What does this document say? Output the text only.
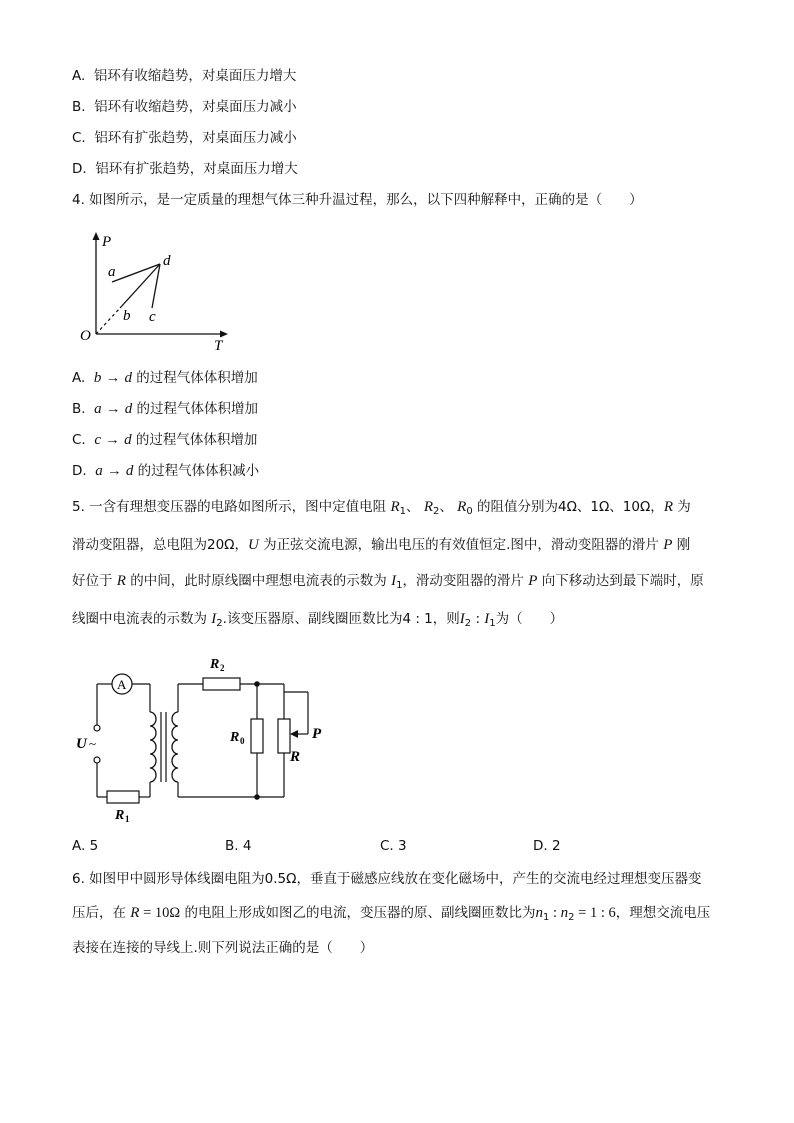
A. 铝环有收缩趋势，对桌面压力增大
B. 铝环有收缩趋势，对桌面压力减小
C. 铝环有扩张趋势，对桌面压力减小
D. 铝环有扩张趋势，对桌面压力增大
4. 如图所示，是一定质量的理想气体三种升温过程，那么，以下四种解释中，正确的是（　　）
P
T
O
a
b c
d
A. b → d 的过程气体体积增加
B. a → d 的过程气体体积增加
C. c → d 的过程气体体积增加
D. a → d 的过程气体体积减小
5. 一含有理想变压器的电路如图所示，图中定值电阻 $R_1$、 $R_2$、 $R_0$ 的阻值分别为4Ω、1Ω、10Ω，R 为
滑动变阻器，总电阻为20Ω，U 为正弦交流电源，输出电压的有效值恒定.图中，滑动变阻器的滑片 P 刚
好位于 R 的中间，此时原线圈中理想电流表的示数为 $I_1$，滑动变阻器的滑片 P 向下移动达到最下端时，原
线圈中电流表的示数为 $I_2$.该变压器原、副线圈匝数比为4 : 1，则$I_2$ : $I_1$为（　　）
A
U ~
R 1
R 2
R 0	P
R
A. 5	B. 4	C. 3	D. 2
6. 如图甲中圆形导体线圈电阻为0.5Ω，垂直于磁感应线放在变化磁场中，产生的交流电经过理想变压器变
压后，在 R = 10Ω 的电阻上形成如图乙的电流，变压器的原、副线圈匝数比为$n_1$ : $n_2 = 1$ : 6，理想交流电压
表接在连接的导线上.则下列说法正确的是（　　）
